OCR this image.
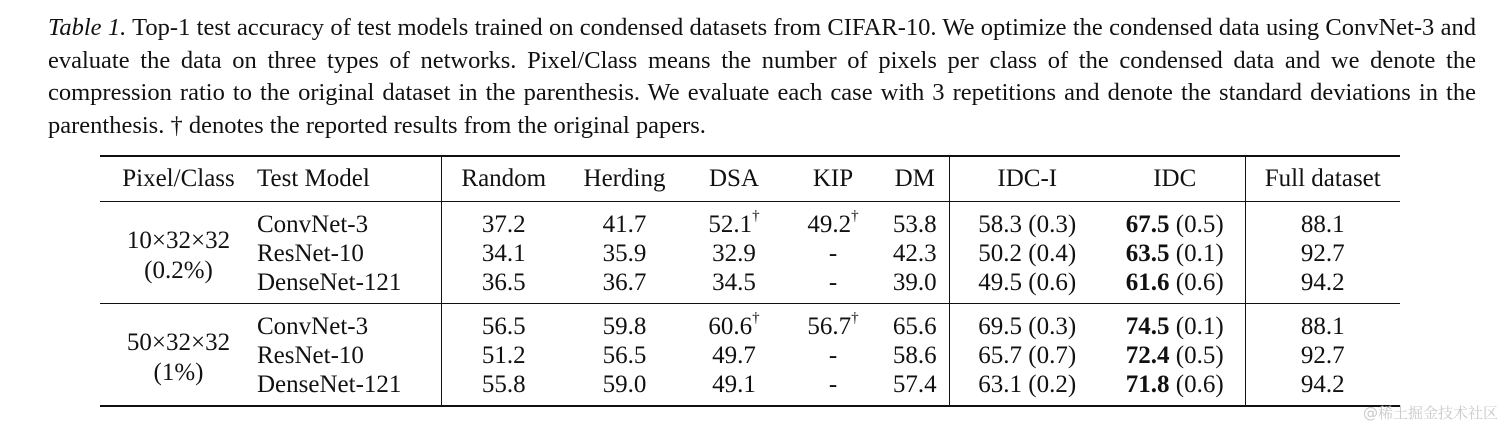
Table 1. Top-1 test accuracy of test models trained on condensed datasets from CIFAR-10. We optimize the condensed data using ConvNet-3 and evaluate the data on three types of networks. Pixel/Class means the number of pixels per class of the condensed data and we denote the compression ratio to the original dataset in the parenthesis. We evaluate each case with 3 repetitions and denote the standard deviations in the parenthesis. † denotes the reported results from the original papers.
Pixel/Class	Test Model	Random	Herding	DSA	KIP	DM	IDC-I	IDC	Full dataset

10×32×32
(0.2%)	ConvNet-3	37.2	41.7	52.1†	49.2†	53.8	58.3 (0.3)	67.5 (0.5)	88.1
	ResNet-10	34.1	35.9	32.9	-	42.3	50.2 (0.4)	63.5 (0.1)	92.7
	DenseNet-121	36.5	36.7	34.5	-	39.0	49.5 (0.6)	61.6 (0.6)	94.2

50×32×32
(1%)	ConvNet-3	56.5	59.8	60.6†	56.7†	65.6	69.5 (0.3)	74.5 (0.1)	88.1
	ResNet-10	51.2	56.5	49.7	-	58.6	65.7 (0.7)	72.4 (0.5)	92.7
	DenseNet-121	55.8	59.0	49.1	-	57.4	63.1 (0.2)	71.8 (0.6)	94.2
@稀土掘金技术社区
